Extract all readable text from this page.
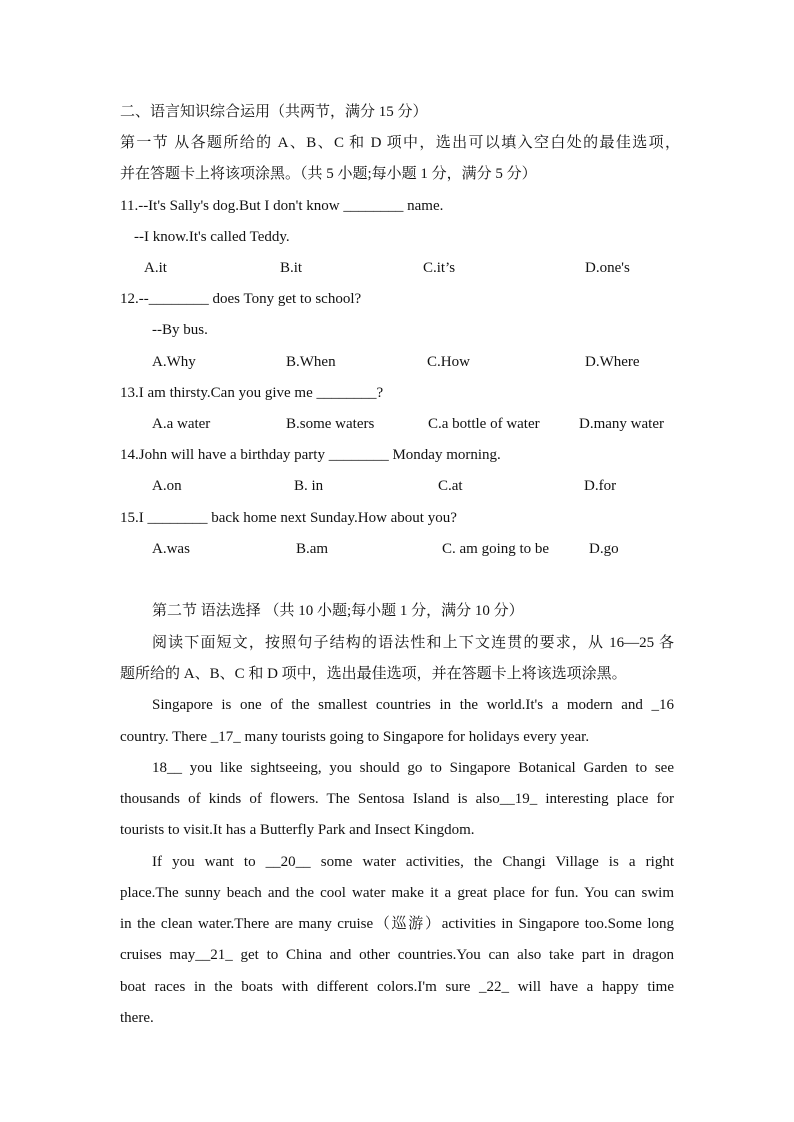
二、语言知识综合运用（共两节，满分 15 分）
第一节 从各题所给的 A、B、C 和 D 项中，选出可以填入空白处的最佳选项，
并在答题卡上将该项涂黑。（共 5 小题;每小题 1 分，满分 5 分）
11.--It's Sally's dog.But I don't know ________ name.
--I know.It's called Teddy.
A.it	B.it	C.it’s	D.one's
12.--________ does Tony get to school?
--By bus.
A.Why	B.When	C.How	D.Where
13.I am thirsty.Can you give me ________?
A.a water	B.some waters	C.a bottle of water	D.many water
14.John will have a birthday party ________ Monday morning.
A.on	B. in	C.at	D.for
15.I ________ back home next Sunday.How about you?
A.was	B.am	C. am going to be	D.go
第二节 语法选择 （共 10 小题;每小题 1 分，满分 10 分）
阅读下面短文，按照句子结构的语法性和上下文连贯的要求，从 16—25 各
题所给的 A、B、C 和 D 项中，选出最佳选项，并在答题卡上将该选项涂黑。
Singapore is one of the smallest countries in the world.It's a modern and _16
country. There _17_ many tourists going to Singapore for holidays every year.
18__ you like sightseeing, you should go to Singapore Botanical Garden to see
thousands of kinds of flowers. The Sentosa Island is also__19_ interesting place for
tourists to visit.It has a Butterfly Park and Insect Kingdom.
If you want to __20__ some water activities, the Changi Village is a right
place.The sunny beach and the cool water make it a great place for fun. You can swim
in the clean water.There are many cruise（巡游）activities in Singapore too.Some long
cruises may__21_ get to China and other countries.You can also take part in dragon
boat races in the boats with different colors.I'm sure _22_ will have a happy time
there.
